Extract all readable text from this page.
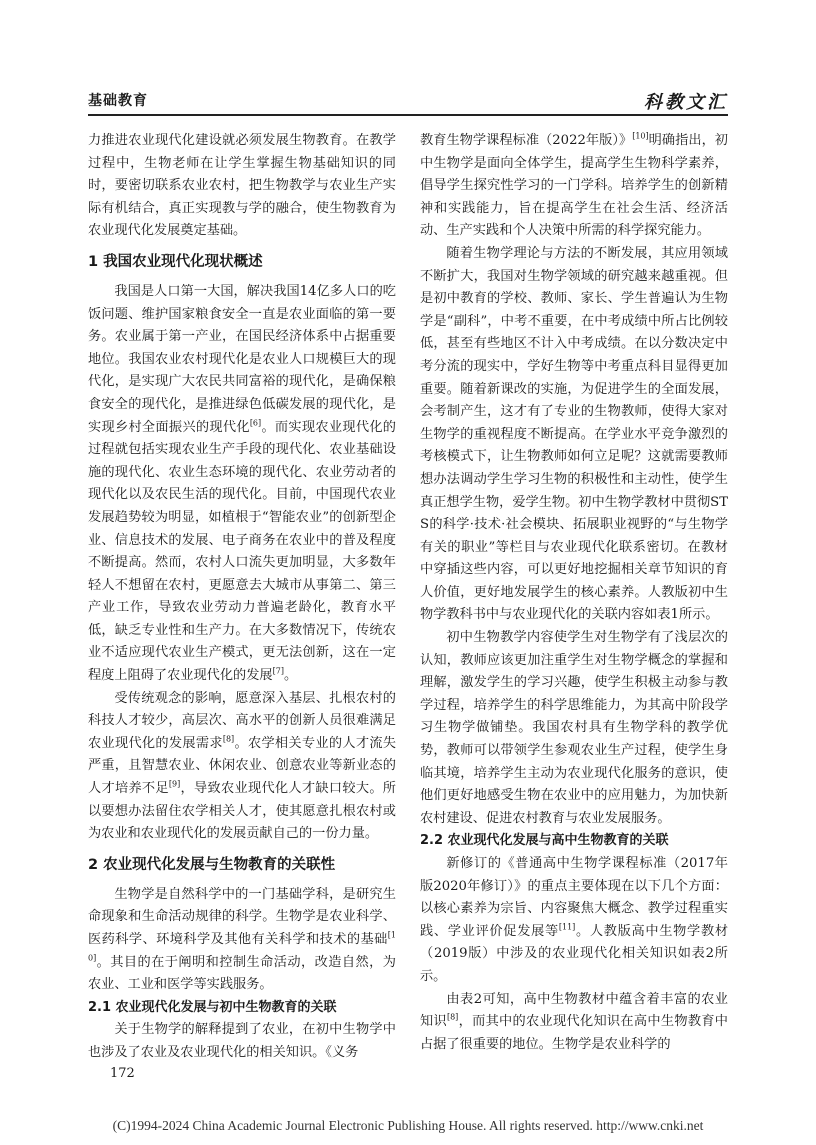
基础教育	科教文汇

力推进农业现代化建设就必须发展生物教育。在教学过程中，生物老师在让学生掌握生物基础知识的同时，要密切联系农业农村，把生物教学与农业生产实际有机结合，真正实现教与学的融合，使生物教育为农业现代化发展奠定基础。

1 我国农业现代化现状概述

我国是人口第一大国，解决我国14亿多人口的吃饭问题、维护国家粮食安全一直是农业面临的第一要务。农业属于第一产业，在国民经济体系中占据重要地位。我国农业农村现代化是农业人口规模巨大的现代化，是实现广大农民共同富裕的现代化，是确保粮食安全的现代化，是推进绿色低碳发展的现代化，是实现乡村全面振兴的现代化[6]。而实现农业现代化的过程就包括实现农业生产手段的现代化、农业基础设施的现代化、农业生态环境的现代化、农业劳动者的现代化以及农民生活的现代化。目前，中国现代农业发展趋势较为明显，如植根于“智能农业”的创新型企业、信息技术的发展、电子商务在农业中的普及程度不断提高。然而，农村人口流失更加明显，大多数年轻人不想留在农村，更愿意去大城市从事第二、第三产业工作，导致农业劳动力普遍老龄化，教育水平低，缺乏专业性和生产力。在大多数情况下，传统农业不适应现代农业生产模式，更无法创新，这在一定程度上阻碍了农业现代化的发展[7]。

受传统观念的影响，愿意深入基层、扎根农村的科技人才较少，高层次、高水平的创新人员很难满足农业现代化的发展需求[8]。农学相关专业的人才流失严重，且智慧农业、休闲农业、创意农业等新业态的人才培养不足[9]，导致农业现代化人才缺口较大。所以要想办法留住农学相关人才，使其愿意扎根农村或为农业和农业现代化的发展贡献自己的一份力量。

2 农业现代化发展与生物教育的关联性

生物学是自然科学中的一门基础学科，是研究生命现象和生命活动规律的科学。生物学是农业科学、医药科学、环境科学及其他有关科学和技术的基础[10]。其目的在于阐明和控制生命活动，改造自然，为农业、工业和医学等实践服务。

2.1 农业现代化发展与初中生物教育的关联

关于生物学的解释提到了农业，在初中生物学中也涉及了农业及农业现代化的相关知识。《义务

教育生物学课程标准（2022年版）》[10]明确指出，初中生物学是面向全体学生，提高学生生物科学素养，倡导学生探究性学习的一门学科。培养学生的创新精神和实践能力，旨在提高学生在社会生活、经济活动、生产实践和个人决策中所需的科学探究能力。

随着生物学理论与方法的不断发展，其应用领域不断扩大，我国对生物学领域的研究越来越重视。但是初中教育的学校、教师、家长、学生普遍认为生物学是“副科”，中考不重要，在中考成绩中所占比例较低，甚至有些地区不计入中考成绩。在以分数决定中考分流的现实中，学好生物等中考重点科目显得更加重要。随着新课改的实施，为促进学生的全面发展，会考制产生，这才有了专业的生物教师，使得大家对生物学的重视程度不断提高。在学业水平竞争激烈的考核模式下，让生物教师如何立足呢？这就需要教师想办法调动学生学习生物的积极性和主动性，使学生真正想学生物，爱学生物。初中生物学教材中贯彻STS的科学·技术·社会模块、拓展职业视野的“与生物学有关的职业”等栏目与农业现代化联系密切。在教材中穿插这些内容，可以更好地挖掘相关章节知识的育人价值，更好地发展学生的核心素养。人教版初中生物学教科书中与农业现代化的关联内容如表1所示。

初中生物教学内容使学生对生物学有了浅层次的认知，教师应该更加注重学生对生物学概念的掌握和理解，激发学生的学习兴趣，使学生积极主动参与教学过程，培养学生的科学思维能力，为其高中阶段学习生物学做铺垫。我国农村具有生物学科的教学优势，教师可以带领学生参观农业生产过程，使学生身临其境，培养学生主动为农业现代化服务的意识，使他们更好地感受生物在农业中的应用魅力，为加快新农村建设、促进农村教育与农业发展服务。

2.2 农业现代化发展与高中生物教育的关联

新修订的《普通高中生物学课程标准（2017年版2020年修订）》的重点主要体现在以下几个方面：以核心素养为宗旨、内容聚焦大概念、教学过程重实践、学业评价促发展等[11]。人教版高中生物学教材（2019版）中涉及的农业现代化相关知识如表2所示。

由表2可知，高中生物教材中蕴含着丰富的农业知识[8]，而其中的农业现代化知识在高中生物教育中占据了很重要的地位。生物学是农业科学的

172
(C)1994-2024 China Academic Journal Electronic Publishing House. All rights reserved. http://www.cnki.net
